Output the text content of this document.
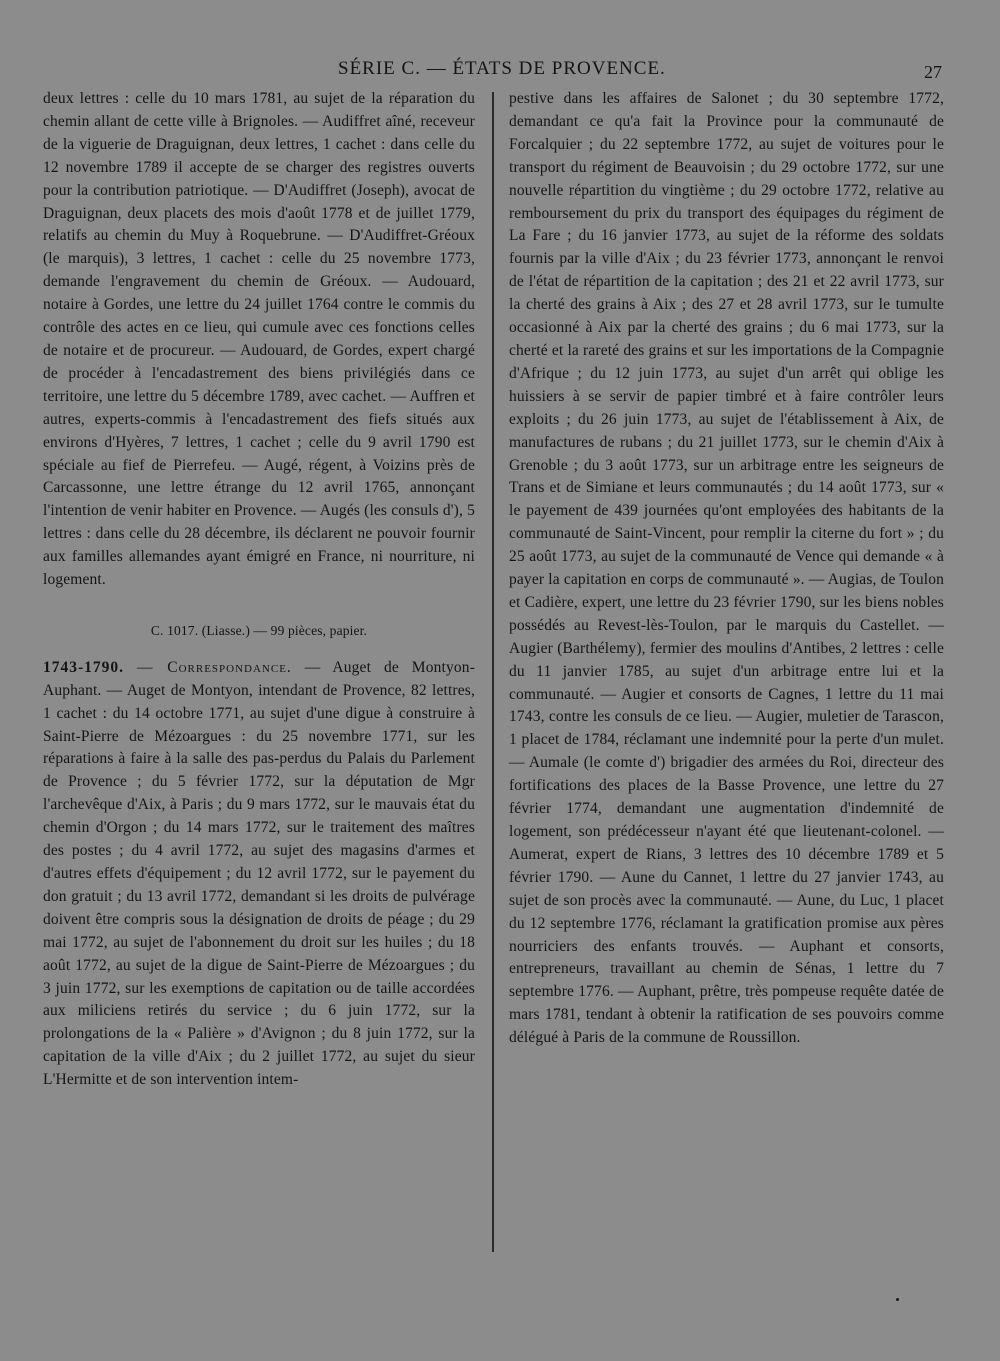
SÉRIE C. — ÉTATS DE PROVENCE.	27

deux lettres : celle du 10 mars 1781, au sujet de la réparation du chemin allant de cette ville à Brignoles. — Audiffret aîné, receveur de la viguerie de Draguignan, deux lettres, 1 cachet : dans celle du 12 novembre 1789 il accepte de se charger des registres ouverts pour la contribution patriotique. — D'Audiffret (Joseph), avocat de Draguignan, deux placets des mois d'août 1778 et de juillet 1779, relatifs au chemin du Muy à Roquebrune. — D'Audiffret-Gréoux (le marquis), 3 lettres, 1 cachet : celle du 25 novembre 1773, demande l'engravement du chemin de Gréoux. — Audouard, notaire à Gordes, une lettre du 24 juillet 1764 contre le commis du contrôle des actes en ce lieu, qui cumule avec ces fonctions celles de notaire et de procureur. — Audouard, de Gordes, expert chargé de procéder à l'encadastrement des biens privilégiés dans ce territoire, une lettre du 5 décembre 1789, avec cachet. — Auffren et autres, experts-commis à l'encadastrement des fiefs situés aux environs d'Hyères, 7 lettres, 1 cachet ; celle du 9 avril 1790 est spéciale au fief de Pierrefeu. — Augé, régent, à Voizins près de Carcassonne, une lettre étrange du 12 avril 1765, annonçant l'intention de venir habiter en Provence. — Augés (les consuls d'), 5 lettres : dans celle du 28 décembre, ils déclarent ne pouvoir fournir aux familles allemandes ayant émigré en France, ni nourriture, ni logement.

C. 1017. (Liasse.) — 99 pièces, papier.

1743-1790. — Correspondance. — Auget de Montyon-Auphant. — Auget de Montyon, intendant de Provence, 82 lettres, 1 cachet : du 14 octobre 1771, au sujet d'une digue à construire à Saint-Pierre de Mézoargues : du 25 novembre 1771, sur les réparations à faire à la salle des pas-perdus du Palais du Parlement de Provence ; du 5 février 1772, sur la députation de Mgr l'archevêque d'Aix, à Paris ; du 9 mars 1772, sur le mauvais état du chemin d'Orgon ; du 14 mars 1772, sur le traitement des maîtres des postes ; du 4 avril 1772, au sujet des magasins d'armes et d'autres effets d'équipement ; du 12 avril 1772, sur le payement du don gratuit ; du 13 avril 1772, demandant si les droits de pulvérage doivent être compris sous la désignation de droits de péage ; du 29 mai 1772, au sujet de l'abonnement du droit sur les huiles ; du 18 août 1772, au sujet de la digue de Saint-Pierre de Mézoargues ; du 3 juin 1772, sur les exemptions de capitation ou de taille accordées aux miliciens retirés du service ; du 6 juin 1772, sur la prolongations de la « Palière » d'Avignon ; du 8 juin 1772, sur la capitation de la ville d'Aix ; du 2 juillet 1772, au sujet du sieur L'Hermitte et de son intervention intem-

pestive dans les affaires de Salonet ; du 30 septembre 1772, demandant ce qu'a fait la Province pour la communauté de Forcalquier ; du 22 septembre 1772, au sujet de voitures pour le transport du régiment de Beauvoisin ; du 29 octobre 1772, sur une nouvelle répartition du vingtième ; du 29 octobre 1772, relative au remboursement du prix du transport des équipages du régiment de La Fare ; du 16 janvier 1773, au sujet de la réforme des soldats fournis par la ville d'Aix ; du 23 février 1773, annonçant le renvoi de l'état de répartition de la capitation ; des 21 et 22 avril 1773, sur la cherté des grains à Aix ; des 27 et 28 avril 1773, sur le tumulte occasionné à Aix par la cherté des grains ; du 6 mai 1773, sur la cherté et la rareté des grains et sur les importations de la Compagnie d'Afrique ; du 12 juin 1773, au sujet d'un arrêt qui oblige les huissiers à se servir de papier timbré et à faire contrôler leurs exploits ; du 26 juin 1773, au sujet de l'établissement à Aix, de manufactures de rubans ; du 21 juillet 1773, sur le chemin d'Aix à Grenoble ; du 3 août 1773, sur un arbitrage entre les seigneurs de Trans et de Simiane et leurs communautés ; du 14 août 1773, sur « le payement de 439 journées qu'ont employées des habitants de la communauté de Saint-Vincent, pour remplir la citerne du fort » ; du 25 août 1773, au sujet de la communauté de Vence qui demande « à payer la capitation en corps de communauté ». — Augias, de Toulon et Cadière, expert, une lettre du 23 février 1790, sur les biens nobles possédés au Revest-lès-Toulon, par le marquis du Castellet. — Augier (Barthélemy), fermier des moulins d'Antibes, 2 lettres : celle du 11 janvier 1785, au sujet d'un arbitrage entre lui et la communauté. — Augier et consorts de Cagnes, 1 lettre du 11 mai 1743, contre les consuls de ce lieu. — Augier, muletier de Tarascon, 1 placet de 1784, réclamant une indemnité pour la perte d'un mulet. — Aumale (le comte d') brigadier des armées du Roi, directeur des fortifications des places de la Basse Provence, une lettre du 27 février 1774, demandant une augmentation d'indemnité de logement, son prédécesseur n'ayant été que lieutenant-colonel. — Aumerat, expert de Rians, 3 lettres des 10 décembre 1789 et 5 février 1790. — Aune du Cannet, 1 lettre du 27 janvier 1743, au sujet de son procès avec la communauté. — Aune, du Luc, 1 placet du 12 septembre 1776, réclamant la gratification promise aux pères nourriciers des enfants trouvés. — Auphant et consorts, entrepreneurs, travaillant au chemin de Sénas, 1 lettre du 7 septembre 1776. — Auphant, prêtre, très pompeuse requête datée de mars 1781, tendant à obtenir la ratification de ses pouvoirs comme délégué à Paris de la commune de Roussillon.
